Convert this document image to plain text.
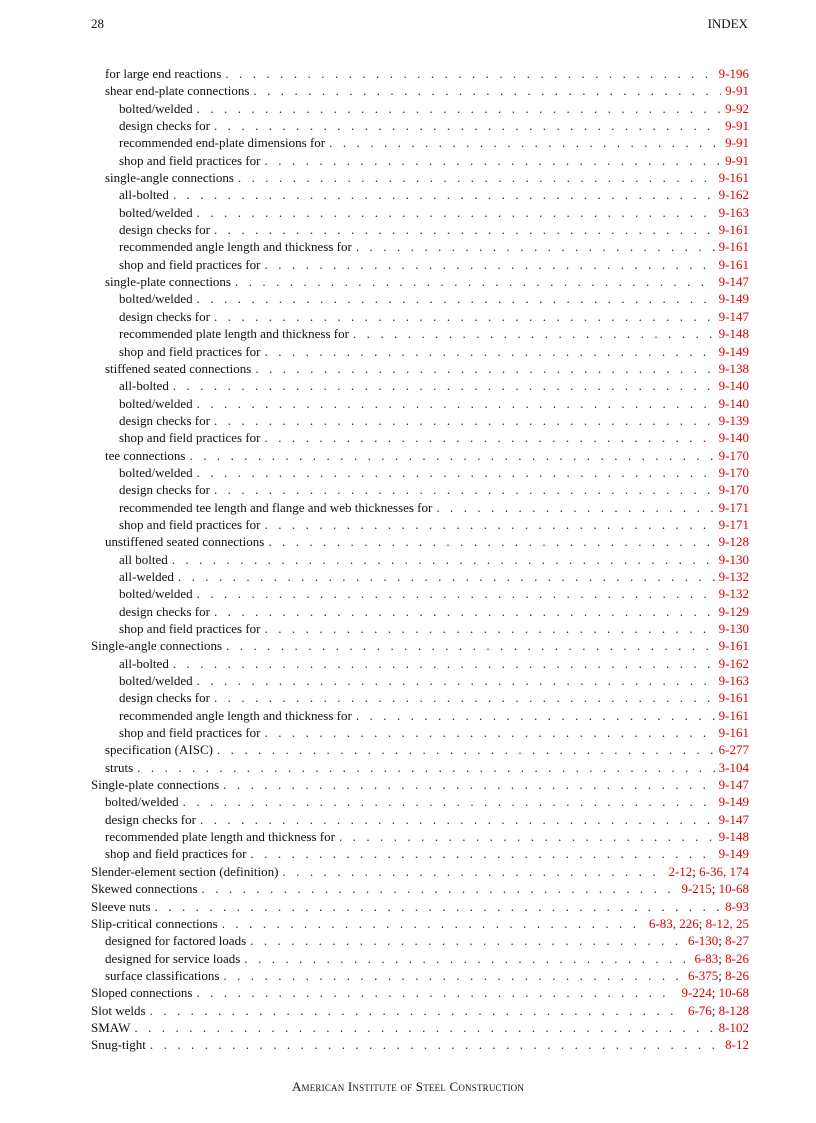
28	INDEX
for large end reactions . . .	9-196
shear end-plate connections . . .	9-91
bolted/welded . . .	9-92
design checks for . . .	9-91
recommended end-plate dimensions for . . .	9-91
shop and field practices for . . .	9-91
single-angle connections . . .	9-161
all-bolted . . .	9-162
bolted/welded . . .	9-163
design checks for . . .	9-161
recommended angle length and thickness for . . .	9-161
shop and field practices for . . .	9-161
single-plate connections . . .	9-147
bolted/welded . . .	9-149
design checks for . . .	9-147
recommended plate length and thickness for . . .	9-148
shop and field practices for . . .	9-149
stiffened seated connections . . .	9-138
all-bolted . . .	9-140
bolted/welded . . .	9-140
design checks for . . .	9-139
shop and field practices for . . .	9-140
tee connections . . .	9-170
bolted/welded . . .	9-170
design checks for . . .	9-170
recommended tee length and flange and web thicknesses for . . .	9-171
shop and field practices for . . .	9-171
unstiffened seated connections . . .	9-128
all bolted . . .	9-130
all-welded . . .	9-132
bolted/welded . . .	9-132
design checks for . . .	9-129
shop and field practices for . . .	9-130
Single-angle connections . . .	9-161
all-bolted . . .	9-162
bolted/welded . . .	9-163
design checks for . . .	9-161
recommended angle length and thickness for . . .	9-161
shop and field practices for . . .	9-161
specification (AISC) . . .	6-277
struts . . .	3-104
Single-plate connections . . .	9-147
bolted/welded . . .	9-149
design checks for . . .	9-147
recommended plate length and thickness for . . .	9-148
shop and field practices for . . .	9-149
Slender-element section (definition) . . .	2-12; 6-36, 174
Skewed connections . . .	9-215; 10-68
Sleeve nuts . . .	8-93
Slip-critical connections . . .	6-83, 226; 8-12, 25
designed for factored loads . . .	6-130; 8-27
designed for service loads . . .	6-83; 8-26
surface classifications . . .	6-375; 8-26
Sloped connections . . .	9-224; 10-68
Slot welds . . .	6-76; 8-128
SMAW . . .	8-102
Snug-tight . . .	8-12
American Institute of Steel Construction
